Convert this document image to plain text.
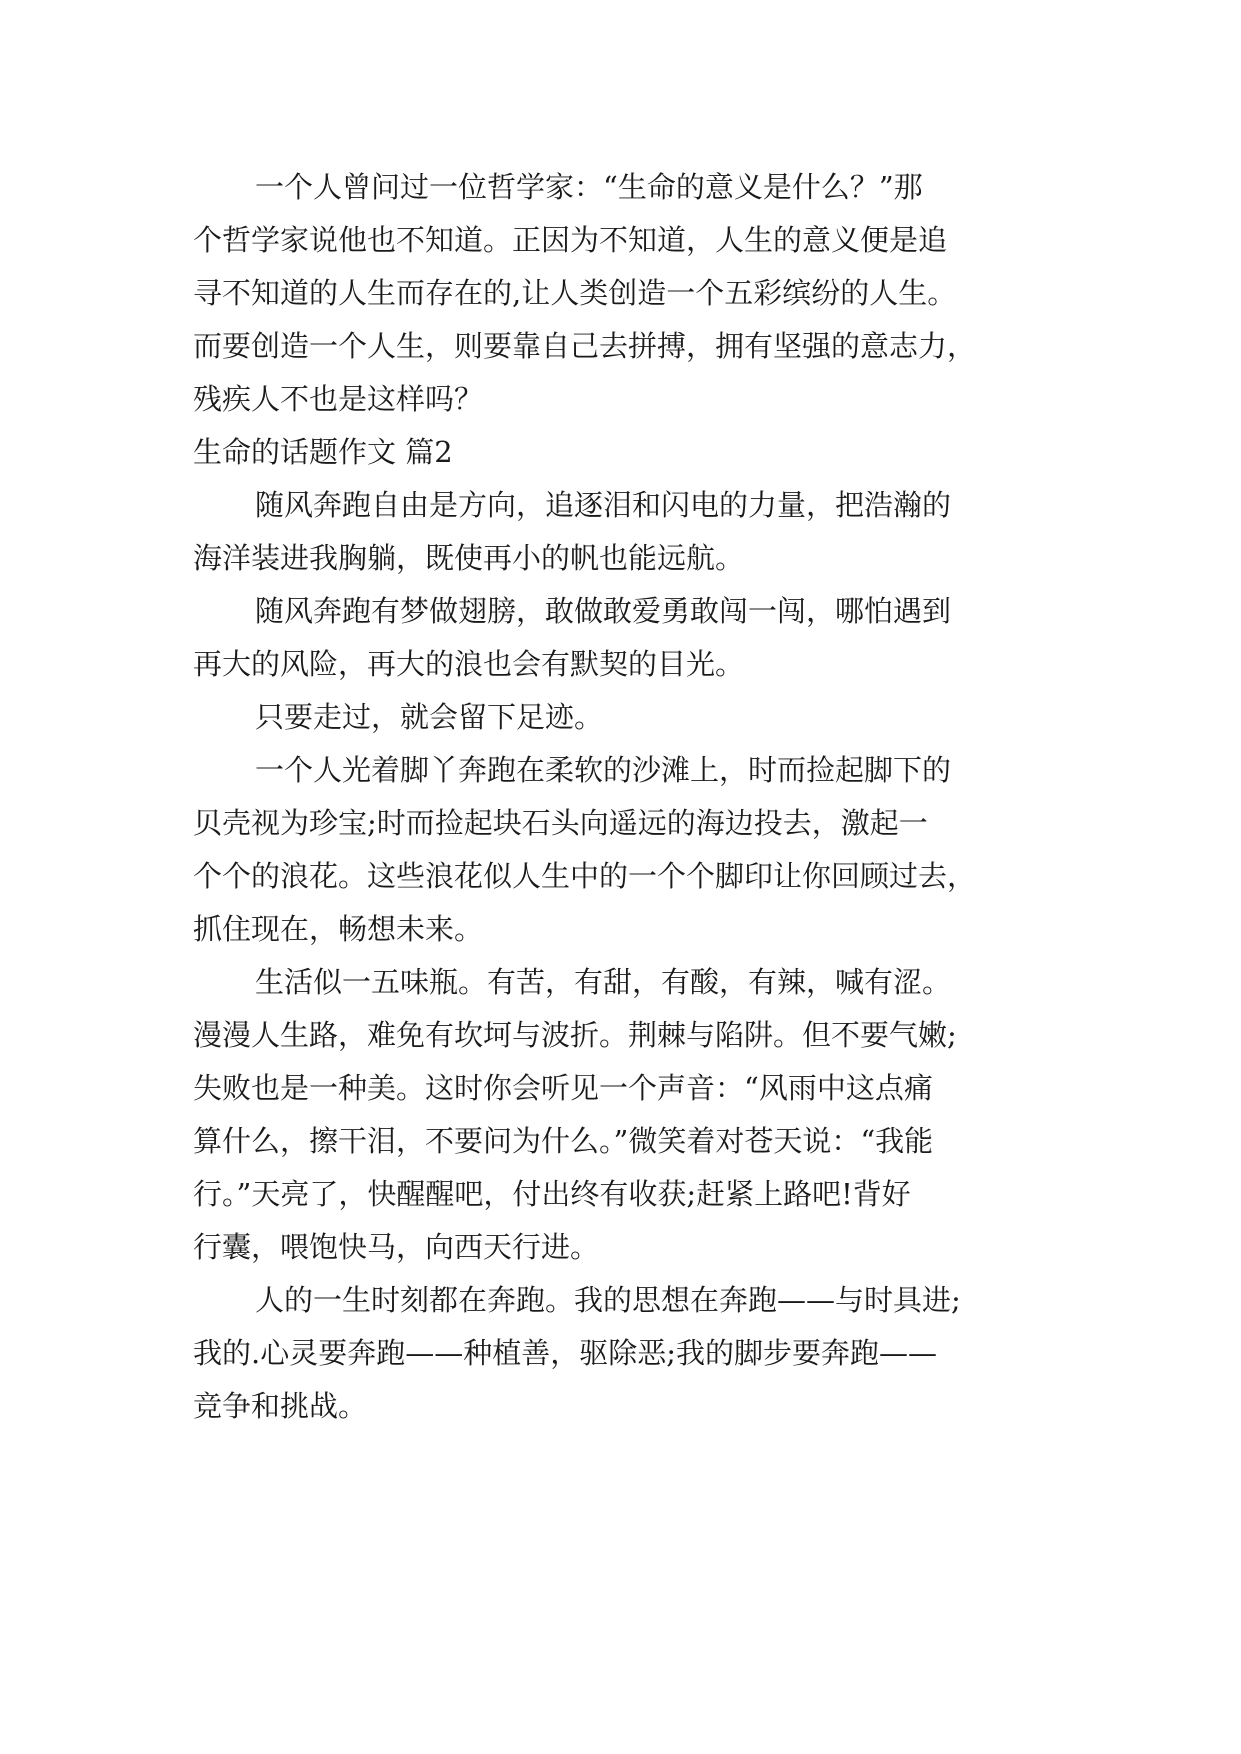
一个人曾问过一位哲学家：“生命的意义是什么？”那
个哲学家说他也不知道。正因为不知道，人生的意义便是追
寻不知道的人生而存在的,让人类创造一个五彩缤纷的人生。
而要创造一个人生，则要靠自己去拼搏，拥有坚强的意志力，
残疾人不也是这样吗？
生命的话题作文 篇2
随风奔跑自由是方向，追逐泪和闪电的力量，把浩瀚的
海洋装进我胸躺，既使再小的帆也能远航。
随风奔跑有梦做翅膀，敢做敢爱勇敢闯一闯，哪怕遇到
再大的风险，再大的浪也会有默契的目光。
只要走过，就会留下足迹。
一个人光着脚丫奔跑在柔软的沙滩上，时而捡起脚下的
贝壳视为珍宝;时而捡起块石头向遥远的海边投去，激起一
个个的浪花。这些浪花似人生中的一个个脚印让你回顾过去，
抓住现在，畅想未来。
生活似一五味瓶。有苦，有甜，有酸，有辣，喊有涩。
漫漫人生路，难免有坎坷与波折。荆棘与陷阱。但不要气嫩;
失败也是一种美。这时你会听见一个声音：“风雨中这点痛
算什么，擦干泪，不要问为什么。”微笑着对苍天说：“我能
行。”天亮了，快醒醒吧，付出终有收获;赶紧上路吧!背好
行囊，喂饱快马，向西天行进。
人的一生时刻都在奔跑。我的思想在奔跑——与时具进;
我的.心灵要奔跑——种植善，驱除恶;我的脚步要奔跑——
竞争和挑战。
